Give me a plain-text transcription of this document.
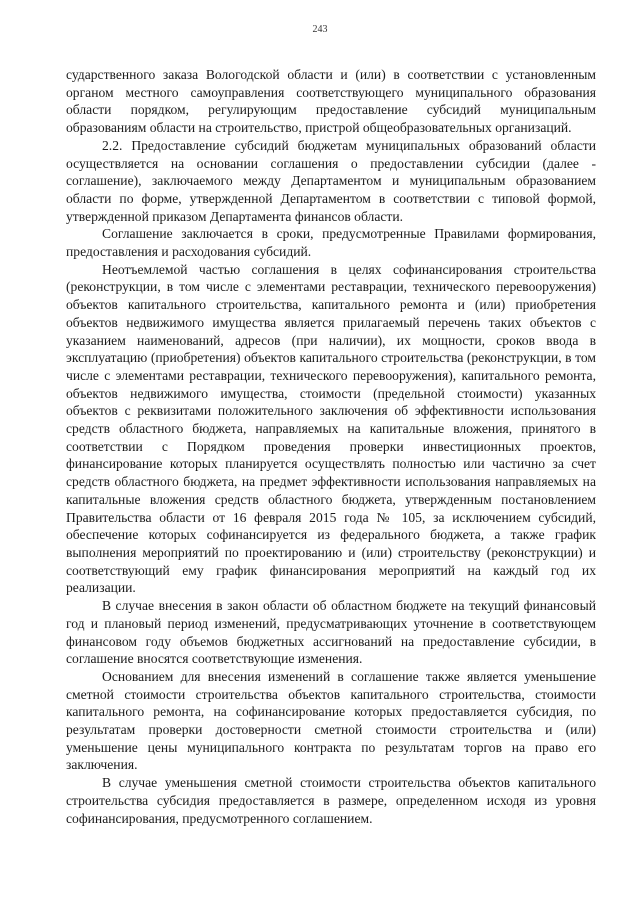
243

сударственного заказа Вологодской области и (или) в соответствии с установленным органом местного самоуправления соответствующего муниципального образования области порядком, регулирующим предоставление субсидий муниципальным образованиям области на строительство, пристрой общеобразовательных организаций.

2.2. Предоставление субсидий бюджетам муниципальных образований области осуществляется на основании соглашения о предоставлении субсидии (далее - соглашение), заключаемого между Департаментом и муниципальным образованием области по форме, утвержденной Департаментом в соответствии с типовой формой, утвержденной приказом Департамента финансов области.

Соглашение заключается в сроки, предусмотренные Правилами формирования, предоставления и расходования субсидий.

Неотъемлемой частью соглашения в целях софинансирования строительства (реконструкции, в том числе с элементами реставрации, технического перевооружения) объектов капитального строительства, капитального ремонта и (или) приобретения объектов недвижимого имущества является прилагаемый перечень таких объектов с указанием наименований, адресов (при наличии), их мощности, сроков ввода в эксплуатацию (приобретения) объектов капитального строительства (реконструкции, в том числе с элементами реставрации, технического перевооружения), капитального ремонта, объектов недвижимого имущества, стоимости (предельной стоимости) указанных объектов с реквизитами положительного заключения об эффективности использования средств областного бюджета, направляемых на капитальные вложения, принятого в соответствии с Порядком проведения проверки инвестиционных проектов, финансирование которых планируется осуществлять полностью или частично за счет средств областного бюджета, на предмет эффективности использования направляемых на капитальные вложения средств областного бюджета, утвержденным постановлением Правительства области от 16 февраля 2015 года № 105, за исключением субсидий, обеспечение которых софинансируется из федерального бюджета, а также график выполнения мероприятий по проектированию и (или) строительству (реконструкции) и соответствующий ему график финансирования мероприятий на каждый год их реализации.

В случае внесения в закон области об областном бюджете на текущий финансовый год и плановый период изменений, предусматривающих уточнение в соответствующем финансовом году объемов бюджетных ассигнований на предоставление субсидии, в соглашение вносятся соответствующие изменения.

Основанием для внесения изменений в соглашение также является уменьшение сметной стоимости строительства объектов капитального строительства, стоимости капитального ремонта, на софинансирование которых предоставляется субсидия, по результатам проверки достоверности сметной стоимости строительства и (или) уменьшение цены муниципального контракта по результатам торгов на право его заключения.

В случае уменьшения сметной стоимости строительства объектов капитального строительства субсидия предоставляется в размере, определенном исходя из уровня софинансирования, предусмотренного соглашением.
